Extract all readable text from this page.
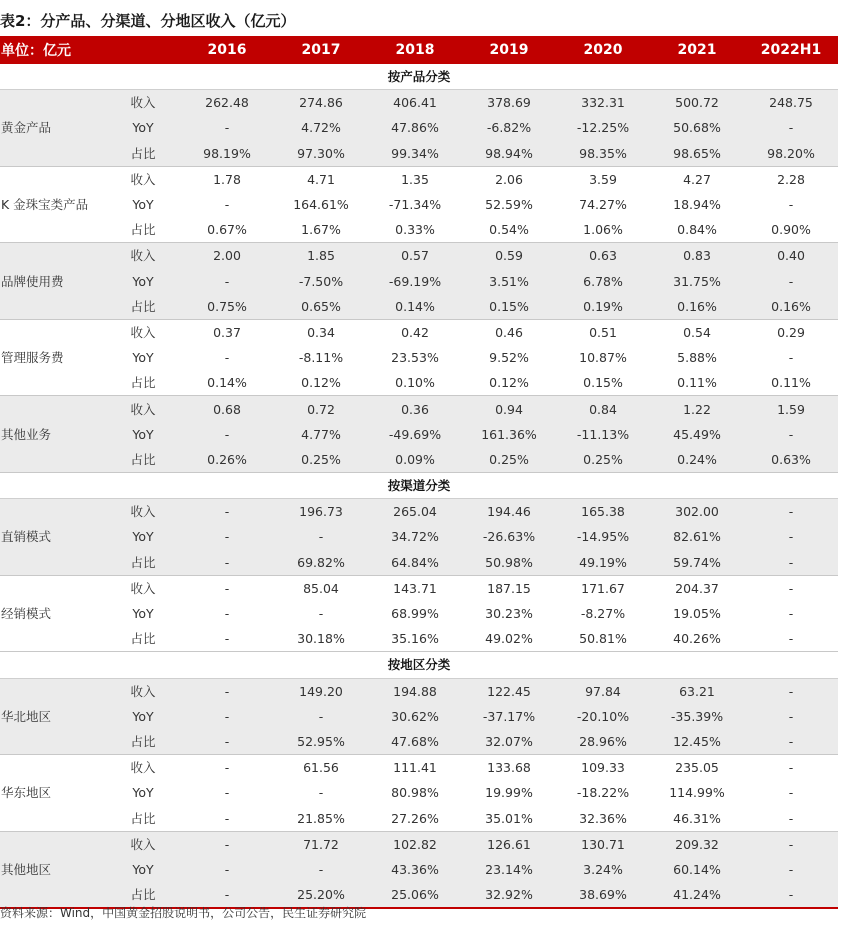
表2：分产品、分渠道、分地区收入（亿元）
单位：亿元		2016	2017	2018	2019	2020	2021	2022H1
按产品分类								
	收入	262.48	274.86	406.41	378.69	332.31	500.72	248.75
黄金产品	YoY	-	4.72%	47.86%	-6.82%	-12.25%	50.68%	-
	占比	98.19%	97.30%	99.34%	98.94%	98.35%	98.65%	98.20%
	收入	1.78	4.71	1.35	2.06	3.59	4.27	2.28
K 金珠宝类产品	YoY	-	164.61%	-71.34%	52.59%	74.27%	18.94%	-
	占比	0.67%	1.67%	0.33%	0.54%	1.06%	0.84%	0.90%
	收入	2.00	1.85	0.57	0.59	0.63	0.83	0.40
品牌使用费	YoY	-	-7.50%	-69.19%	3.51%	6.78%	31.75%	-
	占比	0.75%	0.65%	0.14%	0.15%	0.19%	0.16%	0.16%
	收入	0.37	0.34	0.42	0.46	0.51	0.54	0.29
管理服务费	YoY	-	-8.11%	23.53%	9.52%	10.87%	5.88%	-
	占比	0.14%	0.12%	0.10%	0.12%	0.15%	0.11%	0.11%
	收入	0.68	0.72	0.36	0.94	0.84	1.22	1.59
其他业务	YoY	-	4.77%	-49.69%	161.36%	-11.13%	45.49%	-
	占比	0.26%	0.25%	0.09%	0.25%	0.25%	0.24%	0.63%
按渠道分类								
	收入	-	196.73	265.04	194.46	165.38	302.00	-
直销模式	YoY	-	-	34.72%	-26.63%	-14.95%	82.61%	-
	占比	-	69.82%	64.84%	50.98%	49.19%	59.74%	-
	收入	-	85.04	143.71	187.15	171.67	204.37	-
经销模式	YoY	-	-	68.99%	30.23%	-8.27%	19.05%	-
	占比	-	30.18%	35.16%	49.02%	50.81%	40.26%	-
按地区分类								
	收入	-	149.20	194.88	122.45	97.84	63.21	-
华北地区	YoY	-	-	30.62%	-37.17%	-20.10%	-35.39%	-
	占比	-	52.95%	47.68%	32.07%	28.96%	12.45%	-
	收入	-	61.56	111.41	133.68	109.33	235.05	-
华东地区	YoY	-	-	80.98%	19.99%	-18.22%	114.99%	-
	占比	-	21.85%	27.26%	35.01%	32.36%	46.31%	-
	收入	-	71.72	102.82	126.61	130.71	209.32	-
其他地区	YoY	-	-	43.36%	23.14%	3.24%	60.14%	-
	占比	-	25.20%	25.06%	32.92%	38.69%	41.24%	-
资料来源：Wind，中国黄金招股说明书，公司公告，民生证券研究院
